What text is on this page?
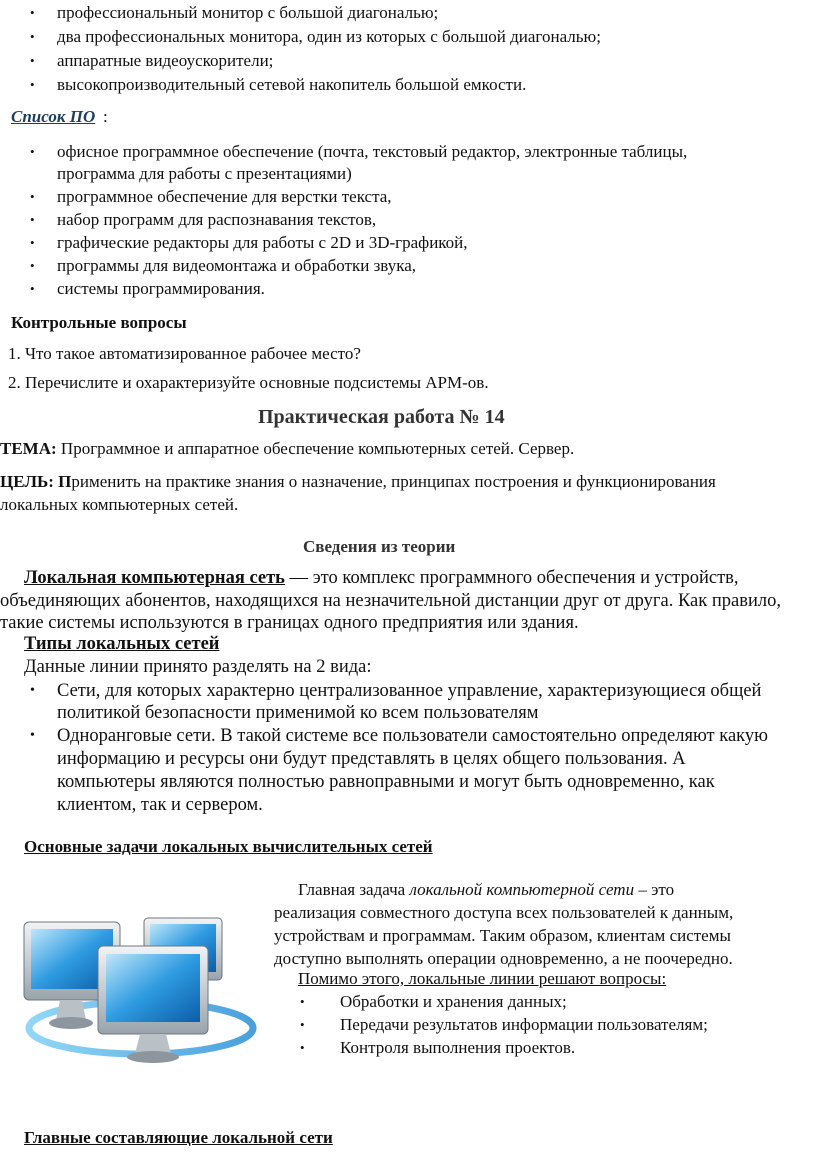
• профессиональный монитор с большой диагональю;
• два профессиональных монитора, один из которых с большой диагональю;
• аппаратные видеоускорители;
• высокопроизводительный сетевой накопитель большой емкости.
Список ПО :
• офисное программное обеспечение (почта, текстовый редактор, электронные таблицы,
программа для работы с презентациями)
• программное обеспечение для верстки текста,
• набор программ для распознавания текстов,
• графические редакторы для работы с 2D и 3D-графикой,
• программы для видеомонтажа и обработки звука,
• системы программирования.
Контрольные вопросы
1. Что такое автоматизированное рабочее место?
2. Перечислите и охарактеризуйте основные подсистемы АРМ-ов.
Практическая работа № 14
ТЕМА: Программное и аппаратное обеспечение компьютерных сетей. Сервер.
ЦЕЛЬ: Применить на практике знания о назначение, принципах построения и функционирования
локальных компьютерных сетей.
Сведения из теории
Локальная компьютерная сеть — это комплекс программного обеспечения и устройств,
объединяющих абонентов, находящихся на незначительной дистанции друг от друга. Как правило,
такие системы используются в границах одного предприятия или здания.
Типы локальных сетей
Данные линии принято разделять на 2 вида:
• Сети, для которых характерно централизованное управление, характеризующиеся общей
политикой безопасности применимой ко всем пользователям
• Одноранговые сети. В такой системе все пользователи самостоятельно определяют какую
информацию и ресурсы они будут представлять в целях общего пользования. А
компьютеры являются полностью равноправными и могут быть одновременно, как
клиентом, так и сервером.
Основные задачи локальных вычислительных сетей
Главная задача локальной компьютерной сети – это
реализация совместного доступа всех пользователей к данным,
устройствам и программам. Таким образом, клиентам системы
доступно выполнять операции одновременно, а не поочередно.
Помимо этого, локальные линии решают вопросы:
• Обработки и хранения данных;
• Передачи результатов информации пользователям;
• Контроля выполнения проектов.
Главные составляющие локальной сети
